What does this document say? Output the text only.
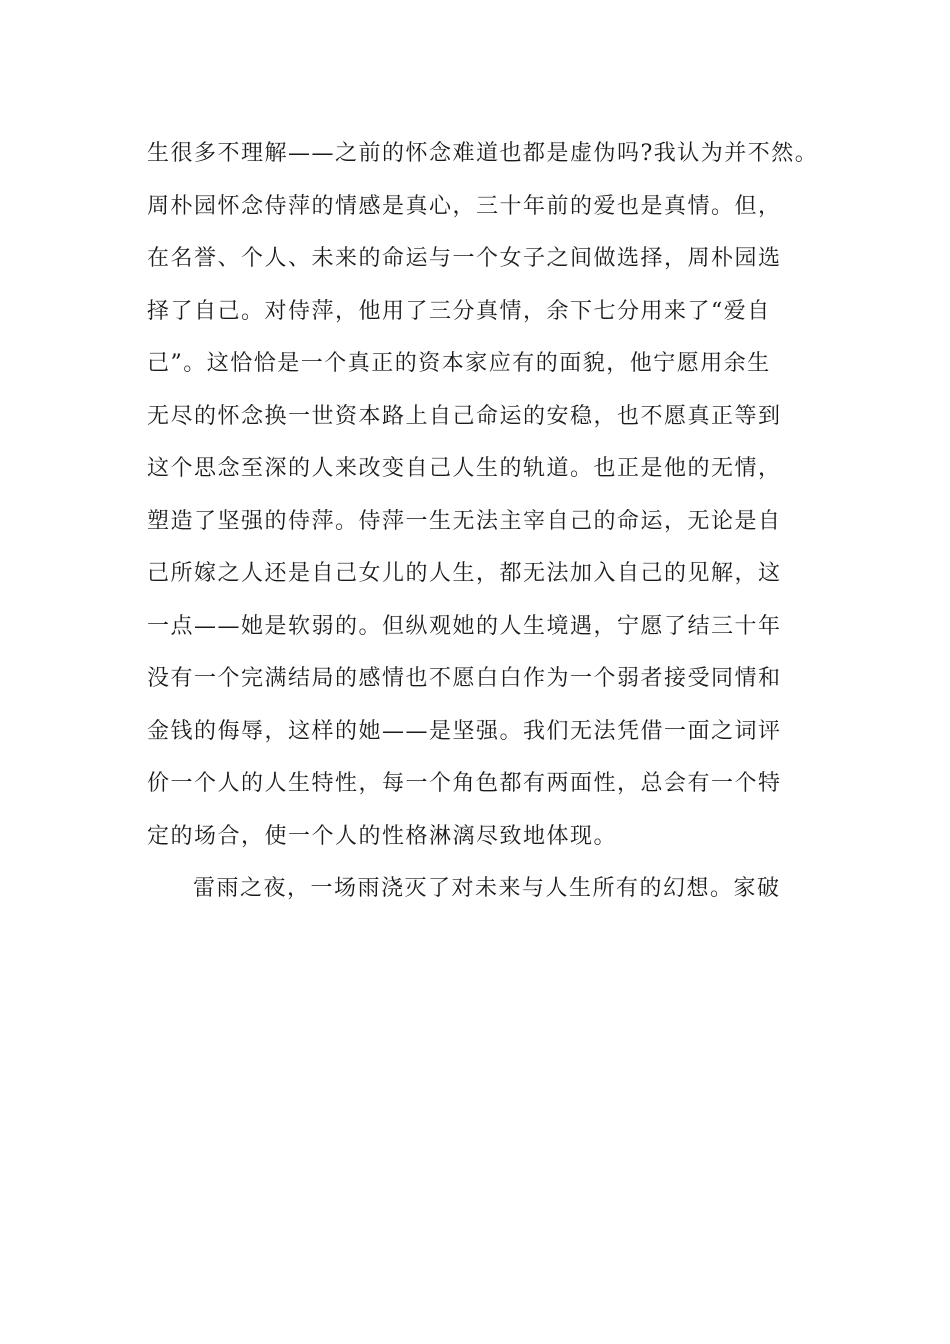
生很多不理解——之前的怀念难道也都是虚伪吗?我认为并不然。
周朴园怀念侍萍的情感是真心，三十年前的爱也是真情。但，
在名誉、个人、未来的命运与一个女子之间做选择，周朴园选
择了自己。对侍萍，他用了三分真情，余下七分用来了“爱自
己”。这恰恰是一个真正的资本家应有的面貌，他宁愿用余生
无尽的怀念换一世资本路上自己命运的安稳，也不愿真正等到
这个思念至深的人来改变自己人生的轨道。也正是他的无情，
塑造了坚强的侍萍。侍萍一生无法主宰自己的命运，无论是自
己所嫁之人还是自己女儿的人生，都无法加入自己的见解，这
一点——她是软弱的。但纵观她的人生境遇，宁愿了结三十年
没有一个完满结局的感情也不愿白白作为一个弱者接受同情和
金钱的侮辱，这样的她——是坚强。我们无法凭借一面之词评
价一个人的人生特性，每一个角色都有两面性，总会有一个特
定的场合，使一个人的性格淋漓尽致地体现。
雷雨之夜，一场雨浇灭了对未来与人生所有的幻想。家破
